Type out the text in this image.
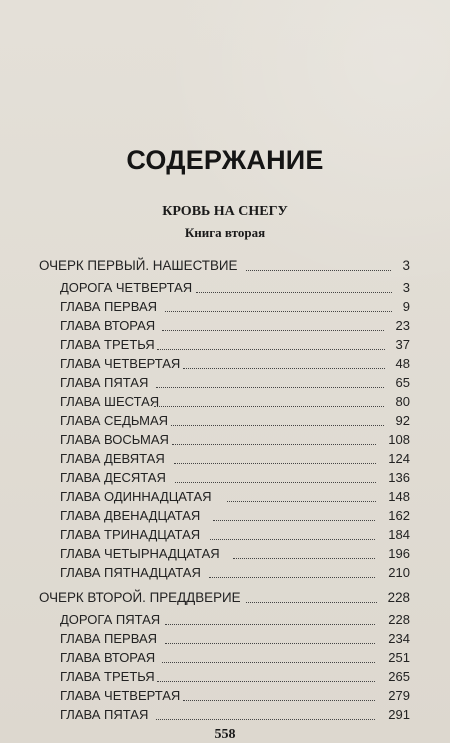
СОДЕРЖАНИЕ
КРОВЬ НА СНЕГУ
Книга вторая
ОЧЕРК ПЕРВЫЙ. НАШЕСТВИЕ	3
ДОРОГА ЧЕТВЕРТАЯ	3
ГЛАВА ПЕРВАЯ	9
ГЛАВА ВТОРАЯ	23
ГЛАВА ТРЕТЬЯ	37
ГЛАВА ЧЕТВЕРТАЯ	48
ГЛАВА ПЯТАЯ	65
ГЛАВА ШЕСТАЯ	80
ГЛАВА СЕДЬМАЯ	92
ГЛАВА ВОСЬМАЯ	108
ГЛАВА ДЕВЯТАЯ	124
ГЛАВА ДЕСЯТАЯ	136
ГЛАВА ОДИННАДЦАТАЯ	148
ГЛАВА ДВЕНАДЦАТАЯ	162
ГЛАВА ТРИНАДЦАТАЯ	184
ГЛАВА ЧЕТЫРНАДЦАТАЯ	196
ГЛАВА ПЯТНАДЦАТАЯ	210
ОЧЕРК ВТОРОЙ. ПРЕДДВЕРИЕ	228
ДОРОГА ПЯТАЯ	228
ГЛАВА ПЕРВАЯ	234
ГЛАВА ВТОРАЯ	251
ГЛАВА ТРЕТЬЯ	265
ГЛАВА ЧЕТВЕРТАЯ	279
ГЛАВА ПЯТАЯ	291
558
